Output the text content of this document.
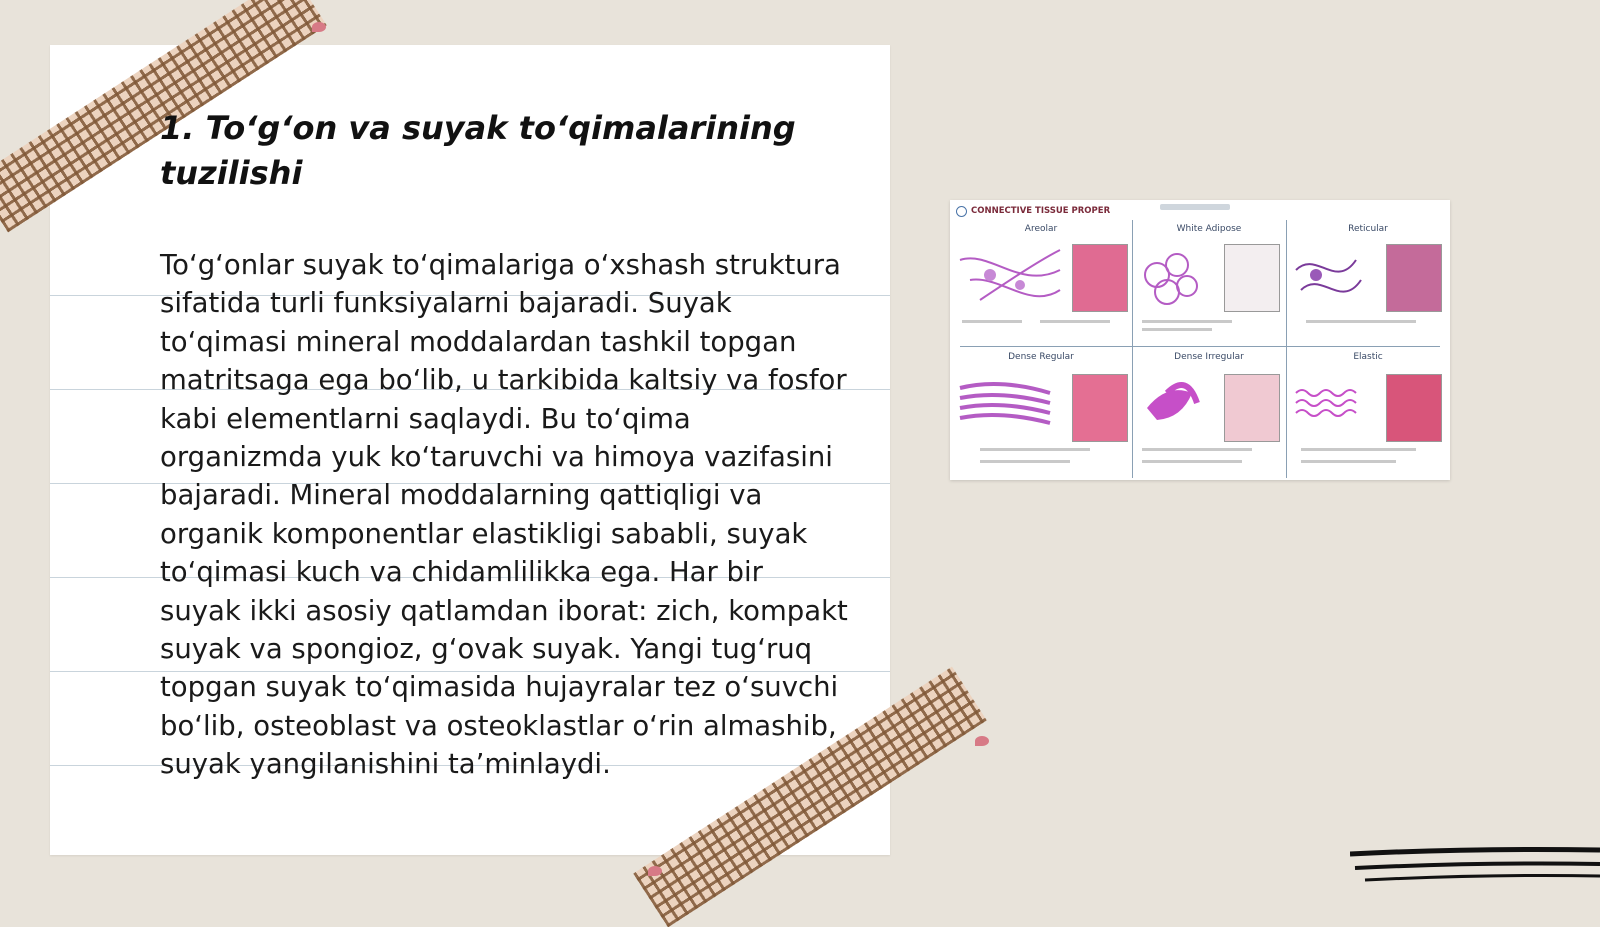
1. To‘g‘on va suyak to‘qimalarining tuzilishi

To‘g‘onlar suyak to‘qimalariga o‘xshash struktura sifatida turli funksiyalarni bajaradi. Suyak to‘qimasi mineral moddalardan tashkil topgan matritsaga ega bo‘lib, u tarkibida kaltsiy va fosfor kabi elementlarni saqlaydi. Bu to‘qima organizmda yuk ko‘taruvchi va himoya vazifasini bajaradi. Mineral moddalarning qattiqligi va organik komponentlar elastikligi sababli, suyak to‘qimasi kuch va chidamlilikka ega. Har bir suyak ikki asosiy qatlamdan iborat: zich, kompakt suyak va spongioz, g‘ovak suyak. Yangi tug‘ruq topgan suyak to‘qimasida hujayralar tez o‘suvchi bo‘lib, osteoblast va osteoklastlar o‘rin almashib, suyak yangilanishini ta’minlaydi.

CONNECTIVE TISSUE PROPER
Areolar	White Adipose	Reticular
Dense Regular	Dense Irregular	Elastic
